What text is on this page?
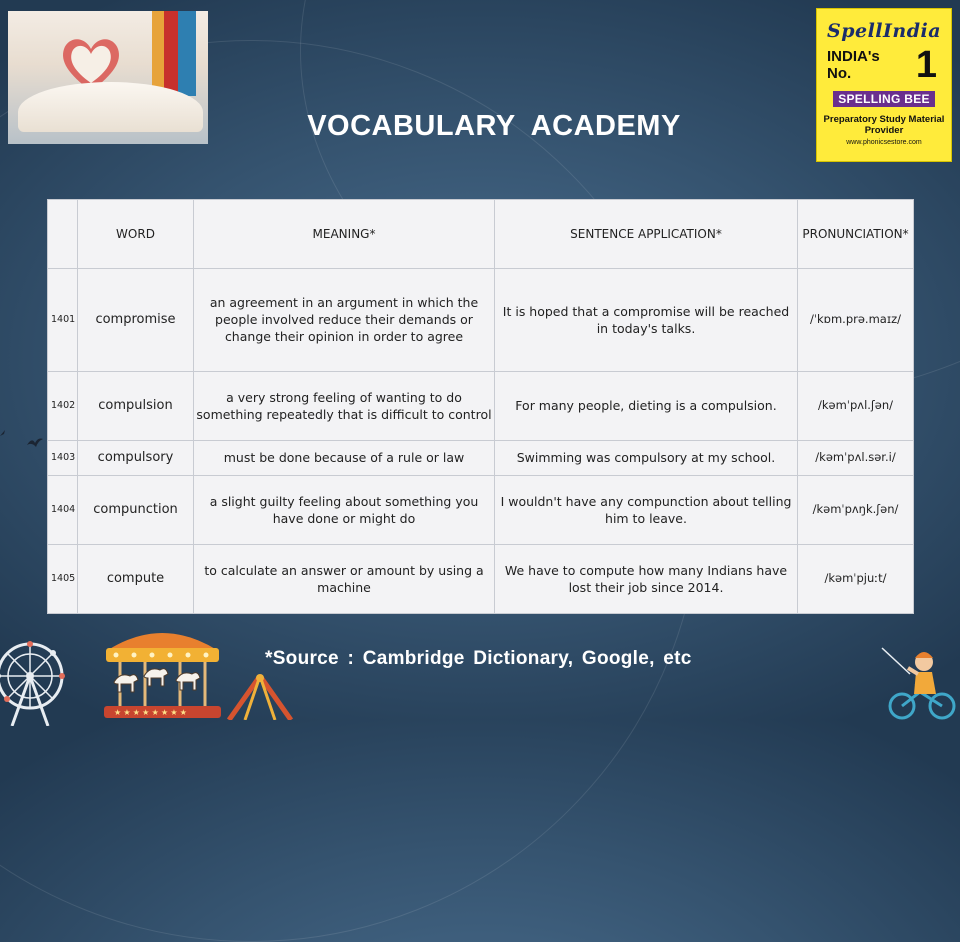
VOCABULARY ACADEMY
SpellIndia
INDIA's
No.	1
SPELLING BEE
Preparatory Study Material
Provider
www.phonicsestore.com
	WORD	MEANING*	SENTENCE APPLICATION*	PRONUNCIATION*
1401	compromise	an agreement in an argument in which the people involved reduce their demands or change their opinion in order to agree	It is hoped that a compromise will be reached in today's talks.	/ˈkɒm.prə.maɪz/
1402	compulsion	a very strong feeling of wanting to do something repeatedly that is difficult to control	For many people, dieting is a compulsion.	/kəmˈpʌl.ʃən/
1403	compulsory	must be done because of a rule or law	Swimming was compulsory at my school.	/kəmˈpʌl.sər.i/
1404	compunction	a slight guilty feeling about something you have done or might do	I wouldn't have any compunction about telling him to leave.	/kəmˈpʌŋk.ʃən/
1405	compute	to calculate an answer or amount by using a machine	We have to compute how many Indians have lost their job since 2014.	/kəmˈpjuːt/
*Source : Cambridge Dictionary, Google, etc
★ ★ ★ ★ ★ ★ ★ ★
